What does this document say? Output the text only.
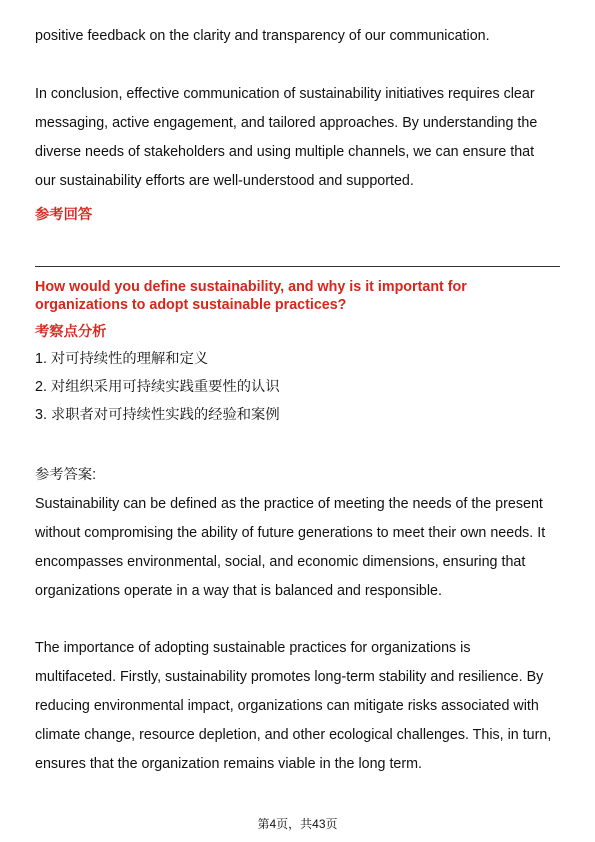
positive feedback on the clarity and transparency of our communication.
In conclusion, effective communication of sustainability initiatives requires clear
messaging, active engagement, and tailored approaches. By understanding the
diverse needs of stakeholders and using multiple channels, we can ensure that
our sustainability efforts are well-understood and supported.
参考回答
How would you define sustainability, and why is it important for
organizations to adopt sustainable practices?
考察点分析
1. 对可持续性的理解和定义
2. 对组织采用可持续实践重要性的认识
3. 求职者对可持续性实践的经验和案例
参考答案:
Sustainability can be defined as the practice of meeting the needs of the present
without compromising the ability of future generations to meet their own needs. It
encompasses environmental, social, and economic dimensions, ensuring that
organizations operate in a way that is balanced and responsible.
The importance of adopting sustainable practices for organizations is
multifaceted. Firstly, sustainability promotes long-term stability and resilience. By
reducing environmental impact, organizations can mitigate risks associated with
climate change, resource depletion, and other ecological challenges. This, in turn,
ensures that the organization remains viable in the long term.
第4页，共43页
